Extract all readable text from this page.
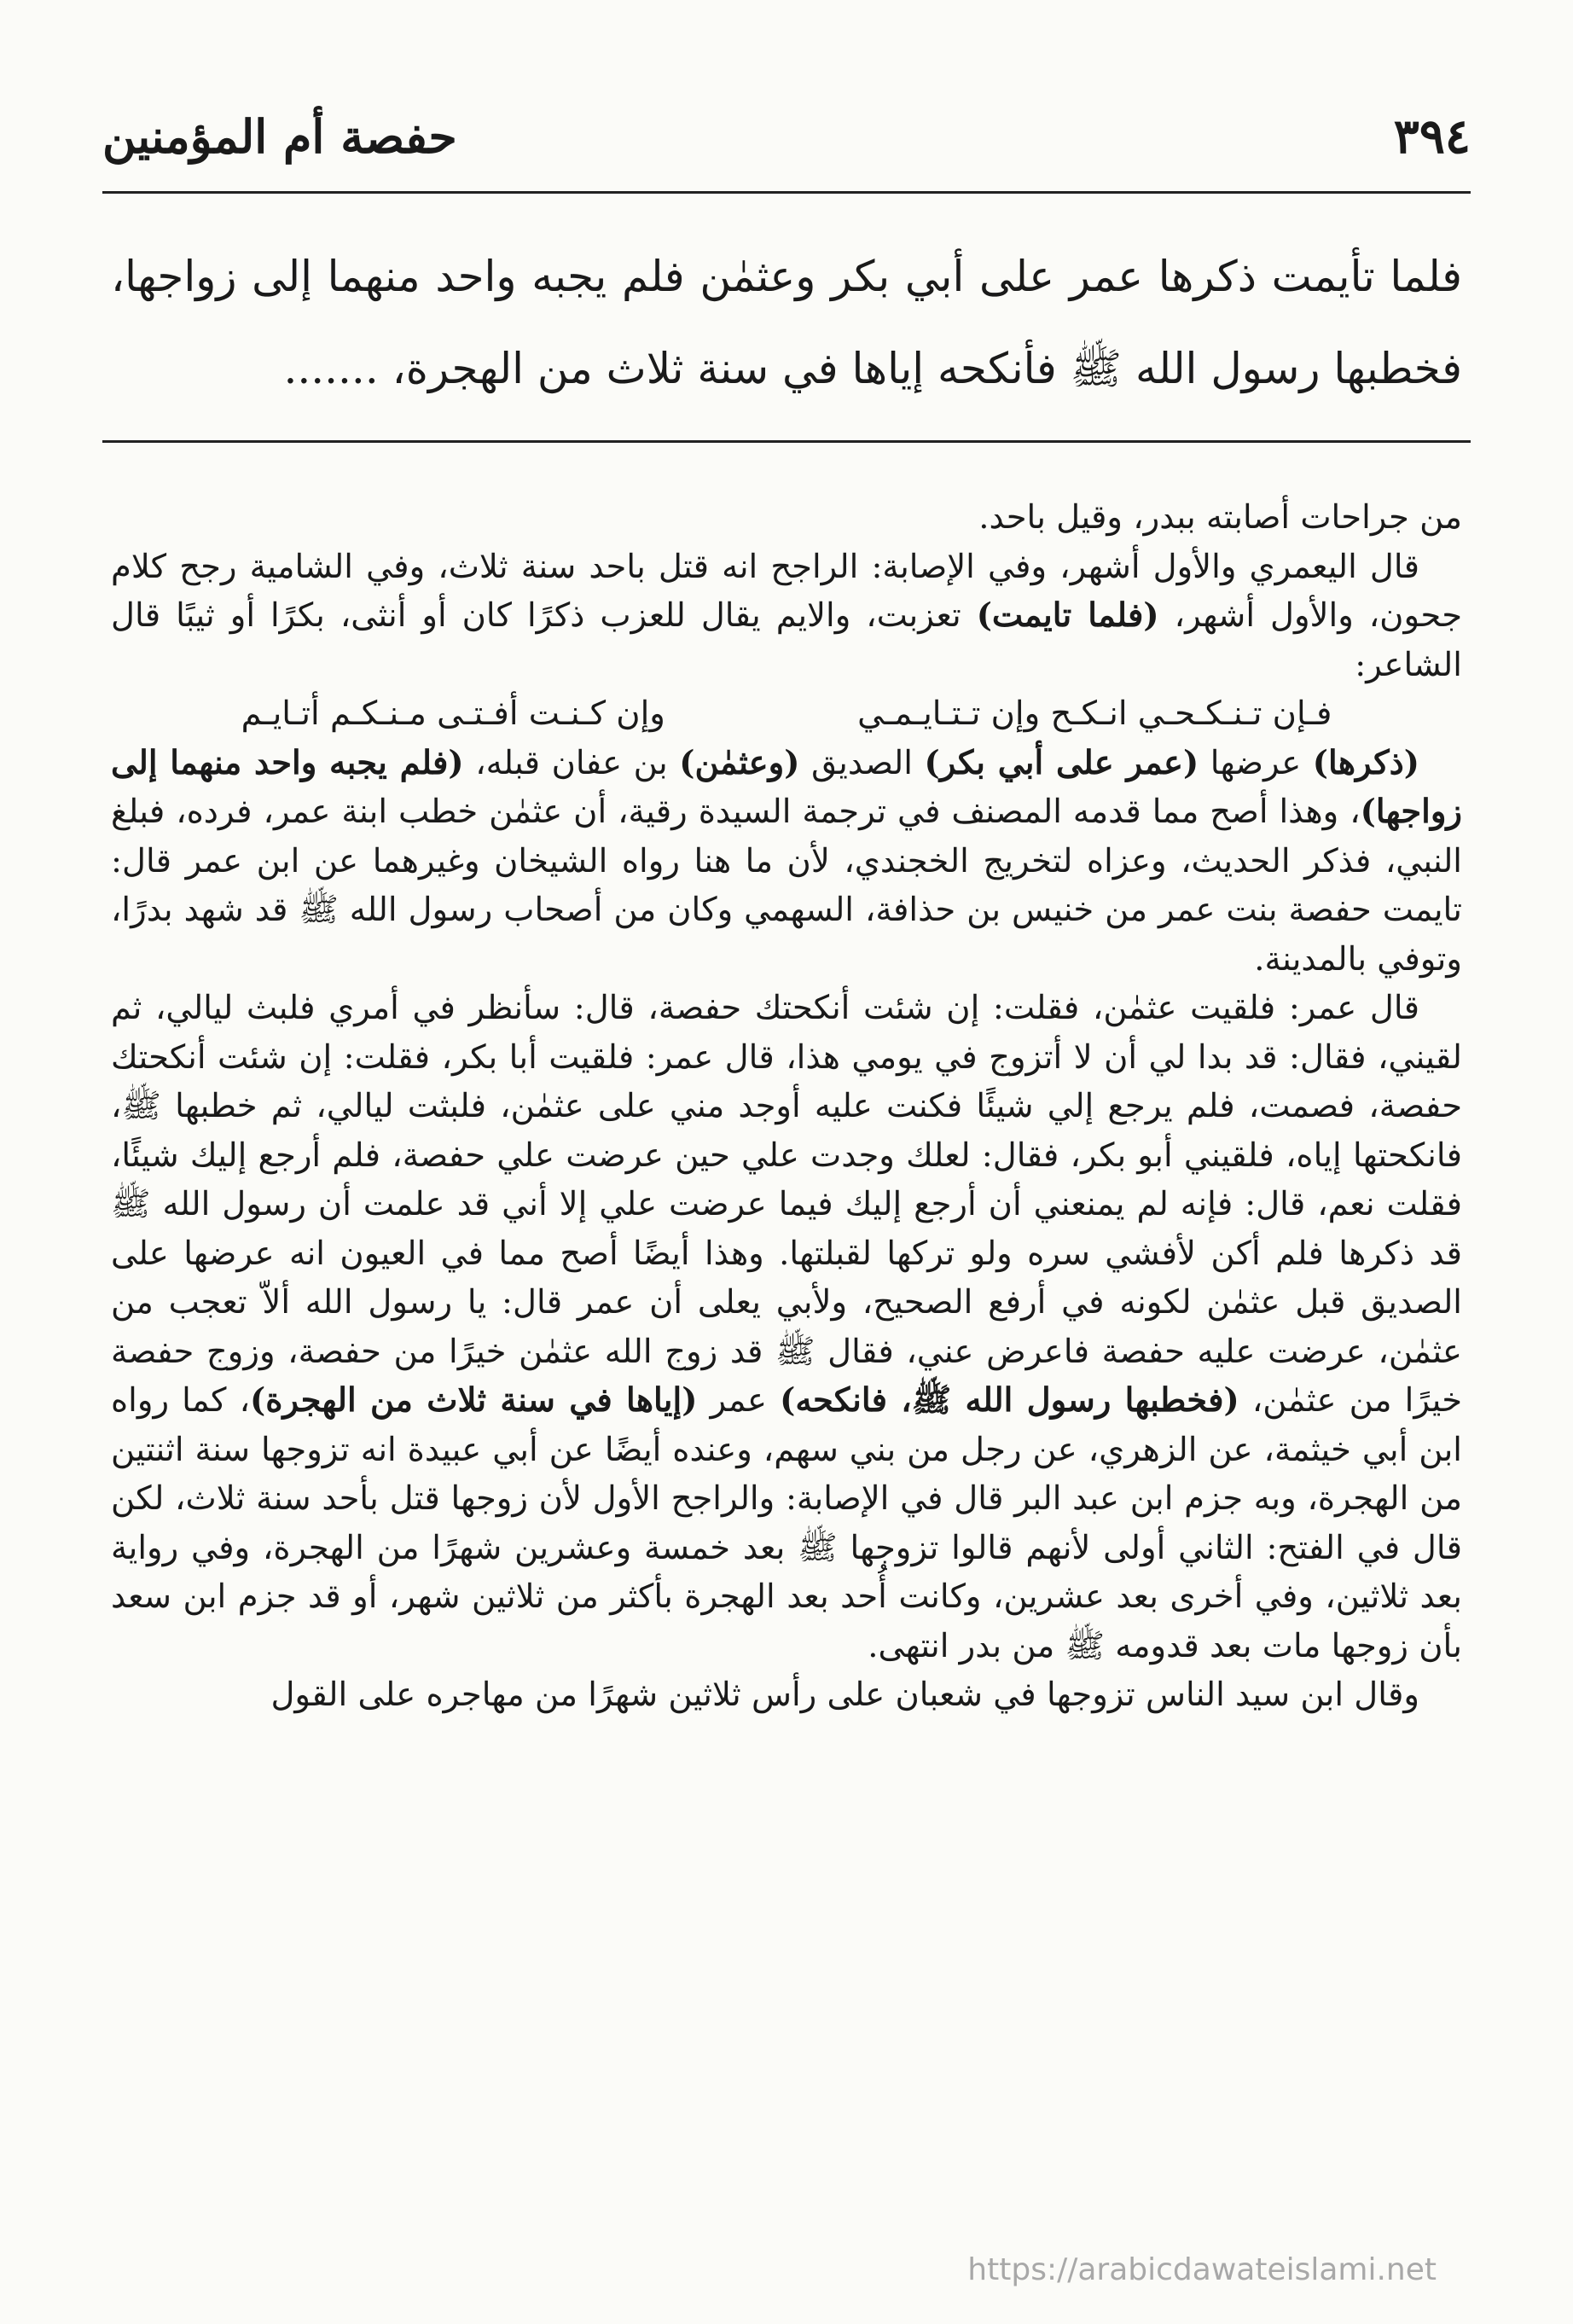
٣٩٤
حفصة أم المؤمنين

فلما تأيمت ذكرها عمر على أبي بكر وعثمٰن فلم يجبه واحد منهما إلى زواجها، فخطبها رسول الله ﷺ فأنكحه إياها في سنة ثلاث من الهجرة، .......

من جراحات أصابته ببدر، وقيل باحد.

قال اليعمري والأول أشهر، وفي الإصابة: الراجح انه قتل باحد سنة ثلاث، وفي الشامية رجح كلام جحون، والأول أشهر، (فلما تايمت) تعزبت، والايم يقال للعزب ذكرًا كان أو أنثى، بكرًا أو ثيبًا قال الشاعر:

فـإن تـنـكـحـي انـكـح وإن تـتـايـمـي
وإن كـنـت أفـتـى مـنـكـم أتـايـم

(ذكرها) عرضها (عمر على أبي بكر) الصديق (وعثمٰن) بن عفان قبله، (فلم يجبه واحد منهما إلى زواجها)، وهذا أصح مما قدمه المصنف في ترجمة السيدة رقية، أن عثمٰن خطب ابنة عمر، فرده، فبلغ النبي، فذكر الحديث، وعزاه لتخريج الخجندي، لأن ما هنا رواه الشيخان وغيرهما عن ابن عمر قال: تايمت حفصة بنت عمر من خنيس بن حذافة، السهمي وكان من أصحاب رسول الله ﷺ قد شهد بدرًا، وتوفي بالمدينة.

قال عمر: فلقيت عثمٰن، فقلت: إن شئت أنكحتك حفصة، قال: سأنظر في أمري فلبث ليالي، ثم لقيني، فقال: قد بدا لي أن لا أتزوج في يومي هذا، قال عمر: فلقيت أبا بكر، فقلت: إن شئت أنكحتك حفصة، فصمت، فلم يرجع إلي شيئًا فكنت عليه أوجد مني على عثمٰن، فلبثت ليالي، ثم خطبها ﷺ، فانكحتها إياه، فلقيني أبو بكر، فقال: لعلك وجدت علي حين عرضت علي حفصة، فلم أرجع إليك شيئًا، فقلت نعم، قال: فإنه لم يمنعني أن أرجع إليك فيما عرضت علي إلا أني قد علمت أن رسول الله ﷺ قد ذكرها فلم أكن لأفشي سره ولو تركها لقبلتها. وهذا أيضًا أصح مما في العيون انه عرضها على الصديق قبل عثمٰن لكونه في أرفع الصحيح، ولأبي يعلى أن عمر قال: يا رسول الله ألاّ تعجب من عثمٰن، عرضت عليه حفصة فاعرض عني، فقال ﷺ قد زوج الله عثمٰن خيرًا من حفصة، وزوج حفصة خيرًا من عثمٰن، (فخطبها رسول الله ﷺ، فانكحه) عمر (إياها في سنة ثلاث من الهجرة)، كما رواه ابن أبي خيثمة، عن الزهري، عن رجل من بني سهم، وعنده أيضًا عن أبي عبيدة انه تزوجها سنة اثنتين من الهجرة، وبه جزم ابن عبد البر قال في الإصابة: والراجح الأول لأن زوجها قتل بأحد سنة ثلاث، لكن قال في الفتح: الثاني أولى لأنهم قالوا تزوجها ﷺ بعد خمسة وعشرين شهرًا من الهجرة، وفي رواية بعد ثلاثين، وفي أخرى بعد عشرين، وكانت أُحد بعد الهجرة بأكثر من ثلاثين شهر، أو قد جزم ابن سعد بأن زوجها مات بعد قدومه ﷺ من بدر انتهى.

وقال ابن سيد الناس تزوجها في شعبان على رأس ثلاثين شهرًا من مهاجره على القول

https://arabicdawateislami.net
